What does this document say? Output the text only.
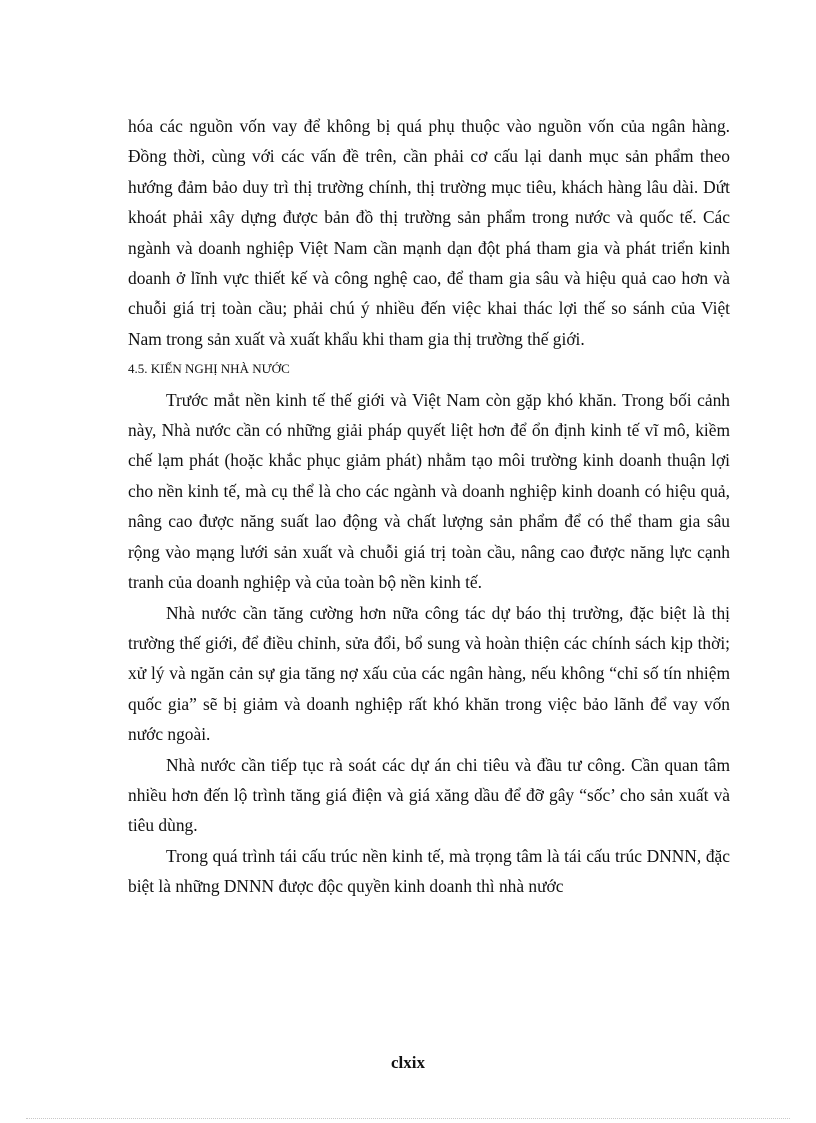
hóa các nguồn vốn vay để không bị quá phụ thuộc vào nguồn vốn của ngân hàng. Đồng thời, cùng với các vấn đề trên, cần phải cơ cấu lại danh mục sản phẩm theo hướng đảm bảo duy trì thị trường chính, thị trường mục tiêu, khách hàng lâu dài. Dứt khoát phải xây dựng được bản đồ thị trường sản phẩm trong nước và quốc tế. Các ngành và doanh nghiệp Việt Nam cần mạnh dạn đột phá tham gia và phát triển kinh doanh ở lĩnh vực thiết kế và công nghệ cao, để tham gia sâu và hiệu quả cao hơn và chuỗi giá trị toàn cầu; phải chú ý nhiều đến việc khai thác lợi thế so sánh của Việt Nam trong sản xuất và xuất khẩu khi tham gia thị trường thế giới.

4.5. KIẾN NGHỊ NHÀ NƯỚC

Trước mắt nền kinh tế thế giới và Việt Nam còn gặp khó khăn. Trong bối cảnh này, Nhà nước cần có những giải pháp quyết liệt hơn để ổn định kinh tế vĩ mô, kiềm chế lạm phát (hoặc khắc phục giảm phát) nhằm tạo môi trường kinh doanh thuận lợi cho nền kinh tế, mà cụ thể là cho các ngành và doanh nghiệp kinh doanh có hiệu quả, nâng cao được năng suất lao động và chất lượng sản phẩm để có thể tham gia sâu rộng vào mạng lưới sản xuất và chuỗi giá trị toàn cầu, nâng cao được năng lực cạnh tranh của doanh nghiệp và của toàn bộ nền kinh tế.

Nhà nước cần tăng cường hơn nữa công tác dự báo thị trường, đặc biệt là thị trường thế giới, để điều chỉnh, sửa đổi, bổ sung và hoàn thiện các chính sách kịp thời; xử lý và ngăn cản sự gia tăng nợ xấu của các ngân hàng, nếu không “chỉ số tín nhiệm quốc gia” sẽ bị giảm và doanh nghiệp rất khó khăn trong việc bảo lãnh để vay vốn nước ngoài.

Nhà nước cần tiếp tục rà soát các dự án chi tiêu và đầu tư công. Cần quan tâm nhiều hơn đến lộ trình tăng giá điện và giá xăng dầu để đỡ gây “sốc’ cho sản xuất và tiêu dùng.

Trong quá trình tái cấu trúc nền kinh tế, mà trọng tâm là tái cấu trúc DNNN, đặc biệt là những DNNN được độc quyền kinh doanh thì nhà nước

clxix
